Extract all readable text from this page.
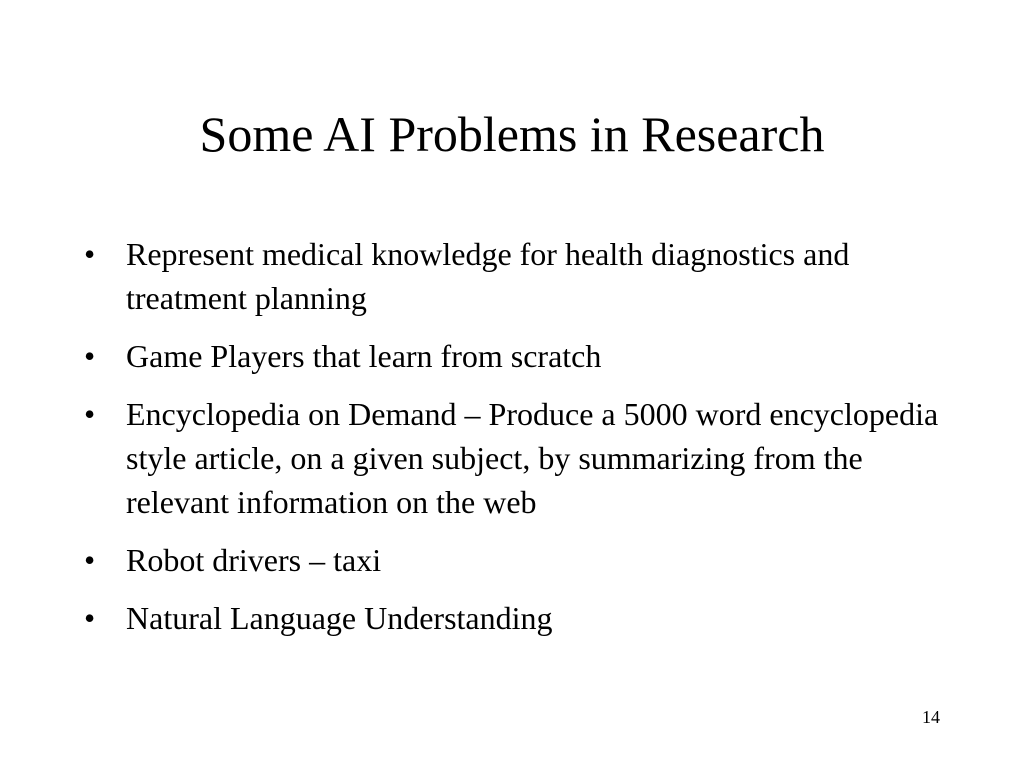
Some AI Problems in Research
• Represent medical knowledge for health diagnostics and treatment planning
• Game Players that learn from scratch
• Encyclopedia on Demand – Produce a 5000 word encyclopedia style article, on a given subject, by summarizing from the relevant information on the web
• Robot drivers – taxi
• Natural Language Understanding
14
